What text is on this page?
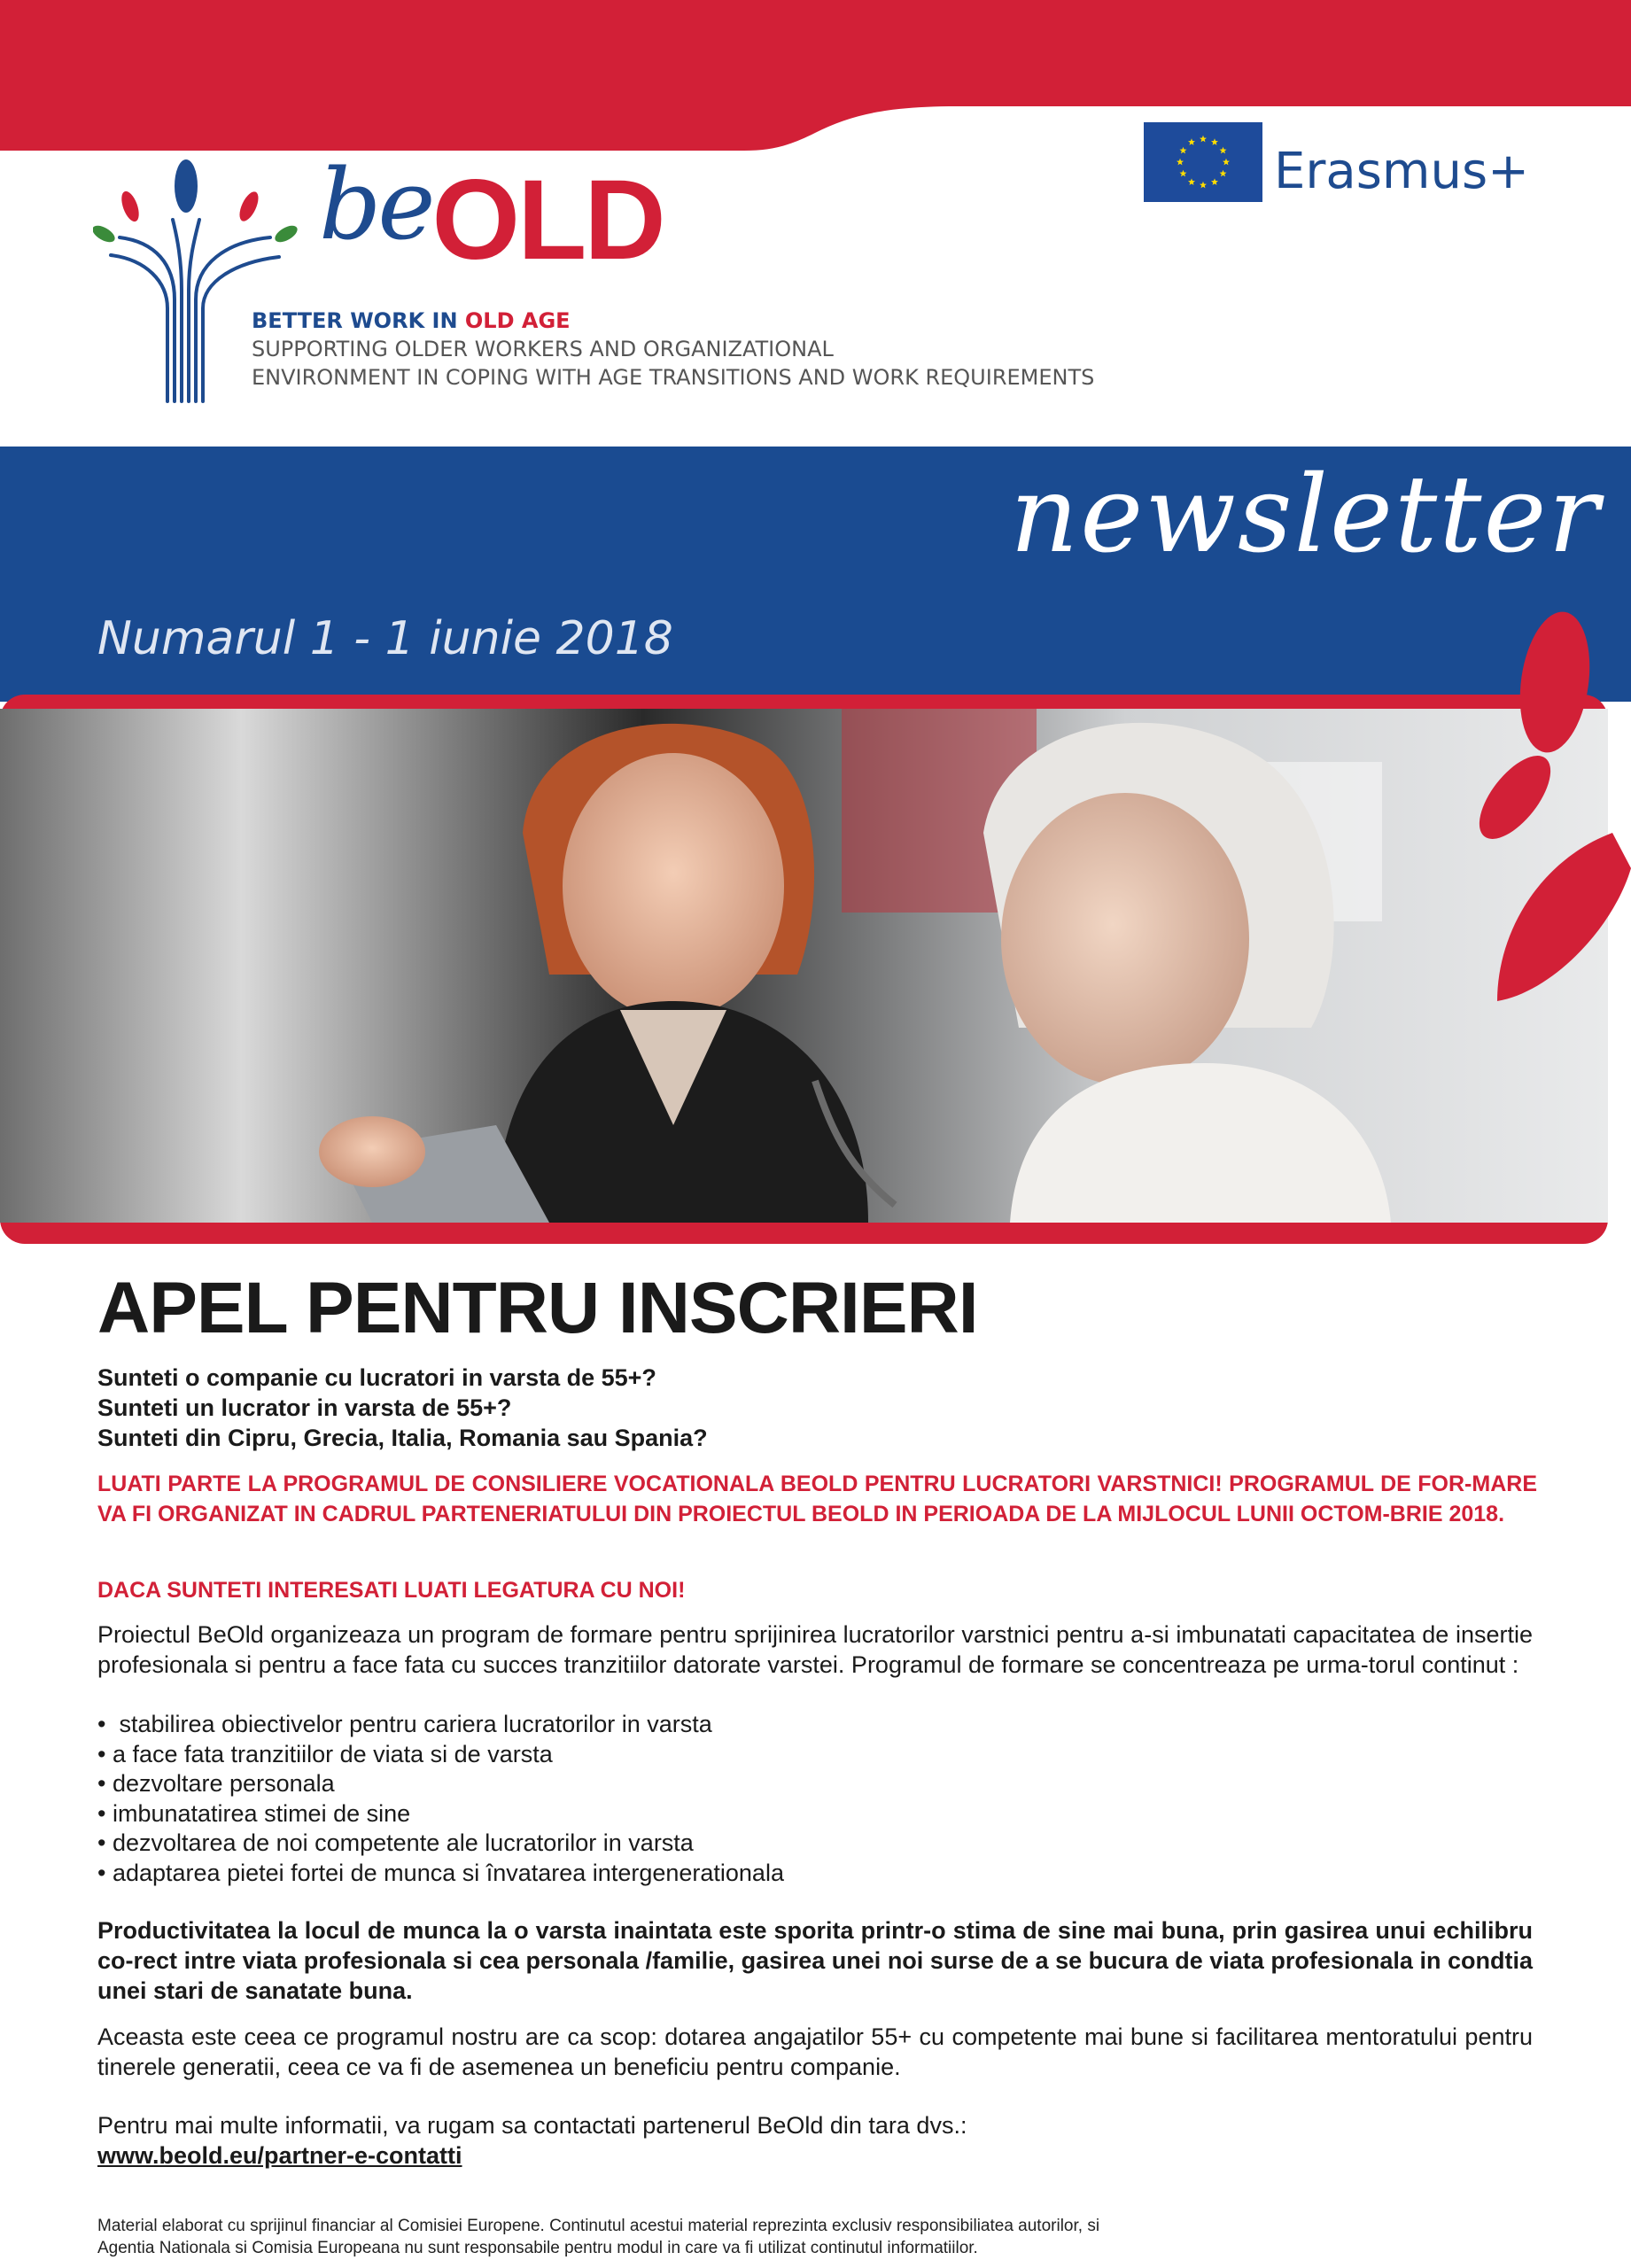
beOLD
BETTER WORK IN OLD AGE
SUPPORTING OLDER WORKERS AND ORGANIZATIONAL
ENVIRONMENT IN COPING WITH AGE TRANSITIONS AND WORK REQUIREMENTS
Erasmus+
newsletter
Numarul 1 - 1 iunie 2018
APEL PENTRU INSCRIERI
Sunteti o companie cu lucratori in varsta de 55+?
Sunteti un lucrator in varsta de 55+?
Sunteti din Cipru, Grecia, Italia, Romania sau Spania?
LUATI PARTE LA PROGRAMUL DE CONSILIERE VOCATIONALA BEOLD PENTRU LUCRATORI VARSTNICI! PROGRAMUL DE FOR-MARE VA FI ORGANIZAT IN CADRUL PARTENERIATULUI DIN PROIECTUL BEOLD IN PERIOADA DE LA MIJLOCUL LUNII OCTOM-BRIE 2018.
DACA SUNTETI INTERESATI LUATI LEGATURA CU NOI!
Proiectul BeOld organizeaza un program de formare pentru sprijinirea lucratorilor varstnici pentru a-si imbunatati capacitatea de insertie profesionala si pentru a face fata cu succes tranzitiilor datorate varstei. Programul de formare se concentreaza pe urma-torul continut :
•  stabilirea obiectivelor pentru cariera lucratorilor in varsta
• a face fata tranzitiilor de viata si de varsta
• dezvoltare personala
• imbunatatirea stimei de sine
• dezvoltarea de noi competente ale lucratorilor in varsta
• adaptarea pietei fortei de munca si învatarea intergenerationala
Productivitatea la locul de munca la o varsta inaintata este sporita printr-o stima de sine mai buna, prin gasirea unui echilibru co-rect intre viata profesionala si cea personala /familie, gasirea unei noi surse de a se bucura de viata profesionala in condtia unei stari de sanatate buna.
Aceasta este ceea ce programul nostru are ca scop: dotarea angajatilor 55+ cu competente mai bune si facilitarea mentoratului pentru tinerele generatii, ceea ce va fi de asemenea un beneficiu pentru companie.
Pentru mai multe informatii, va rugam sa contactati partenerul BeOld din tara dvs.:
www.beold.eu/partner-e-contatti
Material elaborat cu sprijinul financiar al Comisiei Europene. Continutul acestui material reprezinta exclusiv responsibiliatea autorilor, si
Agentia Nationala si Comisia Europeana nu sunt responsabile pentru modul in care va fi utilizat continutul informatiilor.
